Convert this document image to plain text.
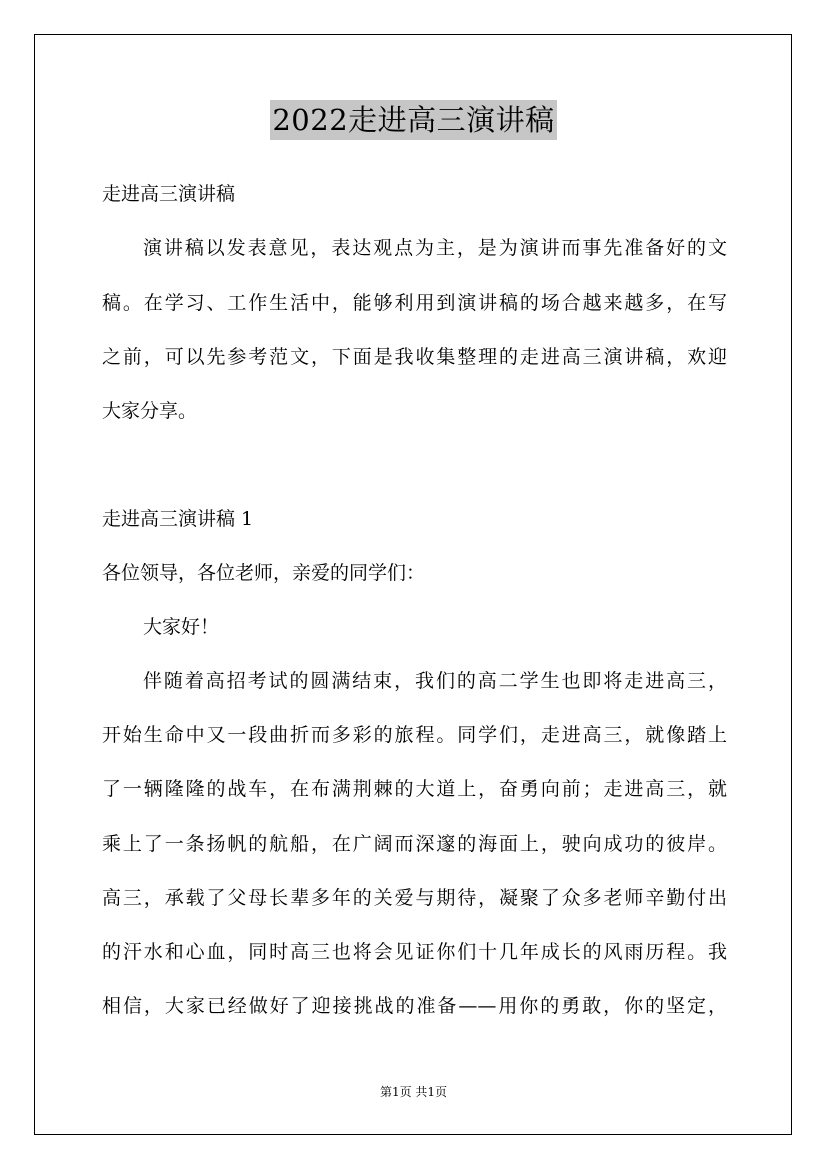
2022走进高三演讲稿
走进高三演讲稿
演讲稿以发表意见，表达观点为主，是为演讲而事先准备好的文
稿。在学习、工作生活中，能够利用到演讲稿的场合越来越多，在写
之前，可以先参考范文，下面是我收集整理的走进高三演讲稿，欢迎
大家分享。
走进高三演讲稿 1
各位领导，各位老师，亲爱的同学们：
大家好！
伴随着高招考试的圆满结束，我们的高二学生也即将走进高三，
开始生命中又一段曲折而多彩的旅程。同学们，走进高三，就像踏上
了一辆隆隆的战车，在布满荆棘的大道上，奋勇向前；走进高三，就
乘上了一条扬帆的航船，在广阔而深邃的海面上，驶向成功的彼岸。
高三，承载了父母长辈多年的关爱与期待，凝聚了众多老师辛勤付出
的汗水和心血，同时高三也将会见证你们十几年成长的风雨历程。我
相信，大家已经做好了迎接挑战的准备——用你的勇敢，你的坚定，
第1页 共1页
